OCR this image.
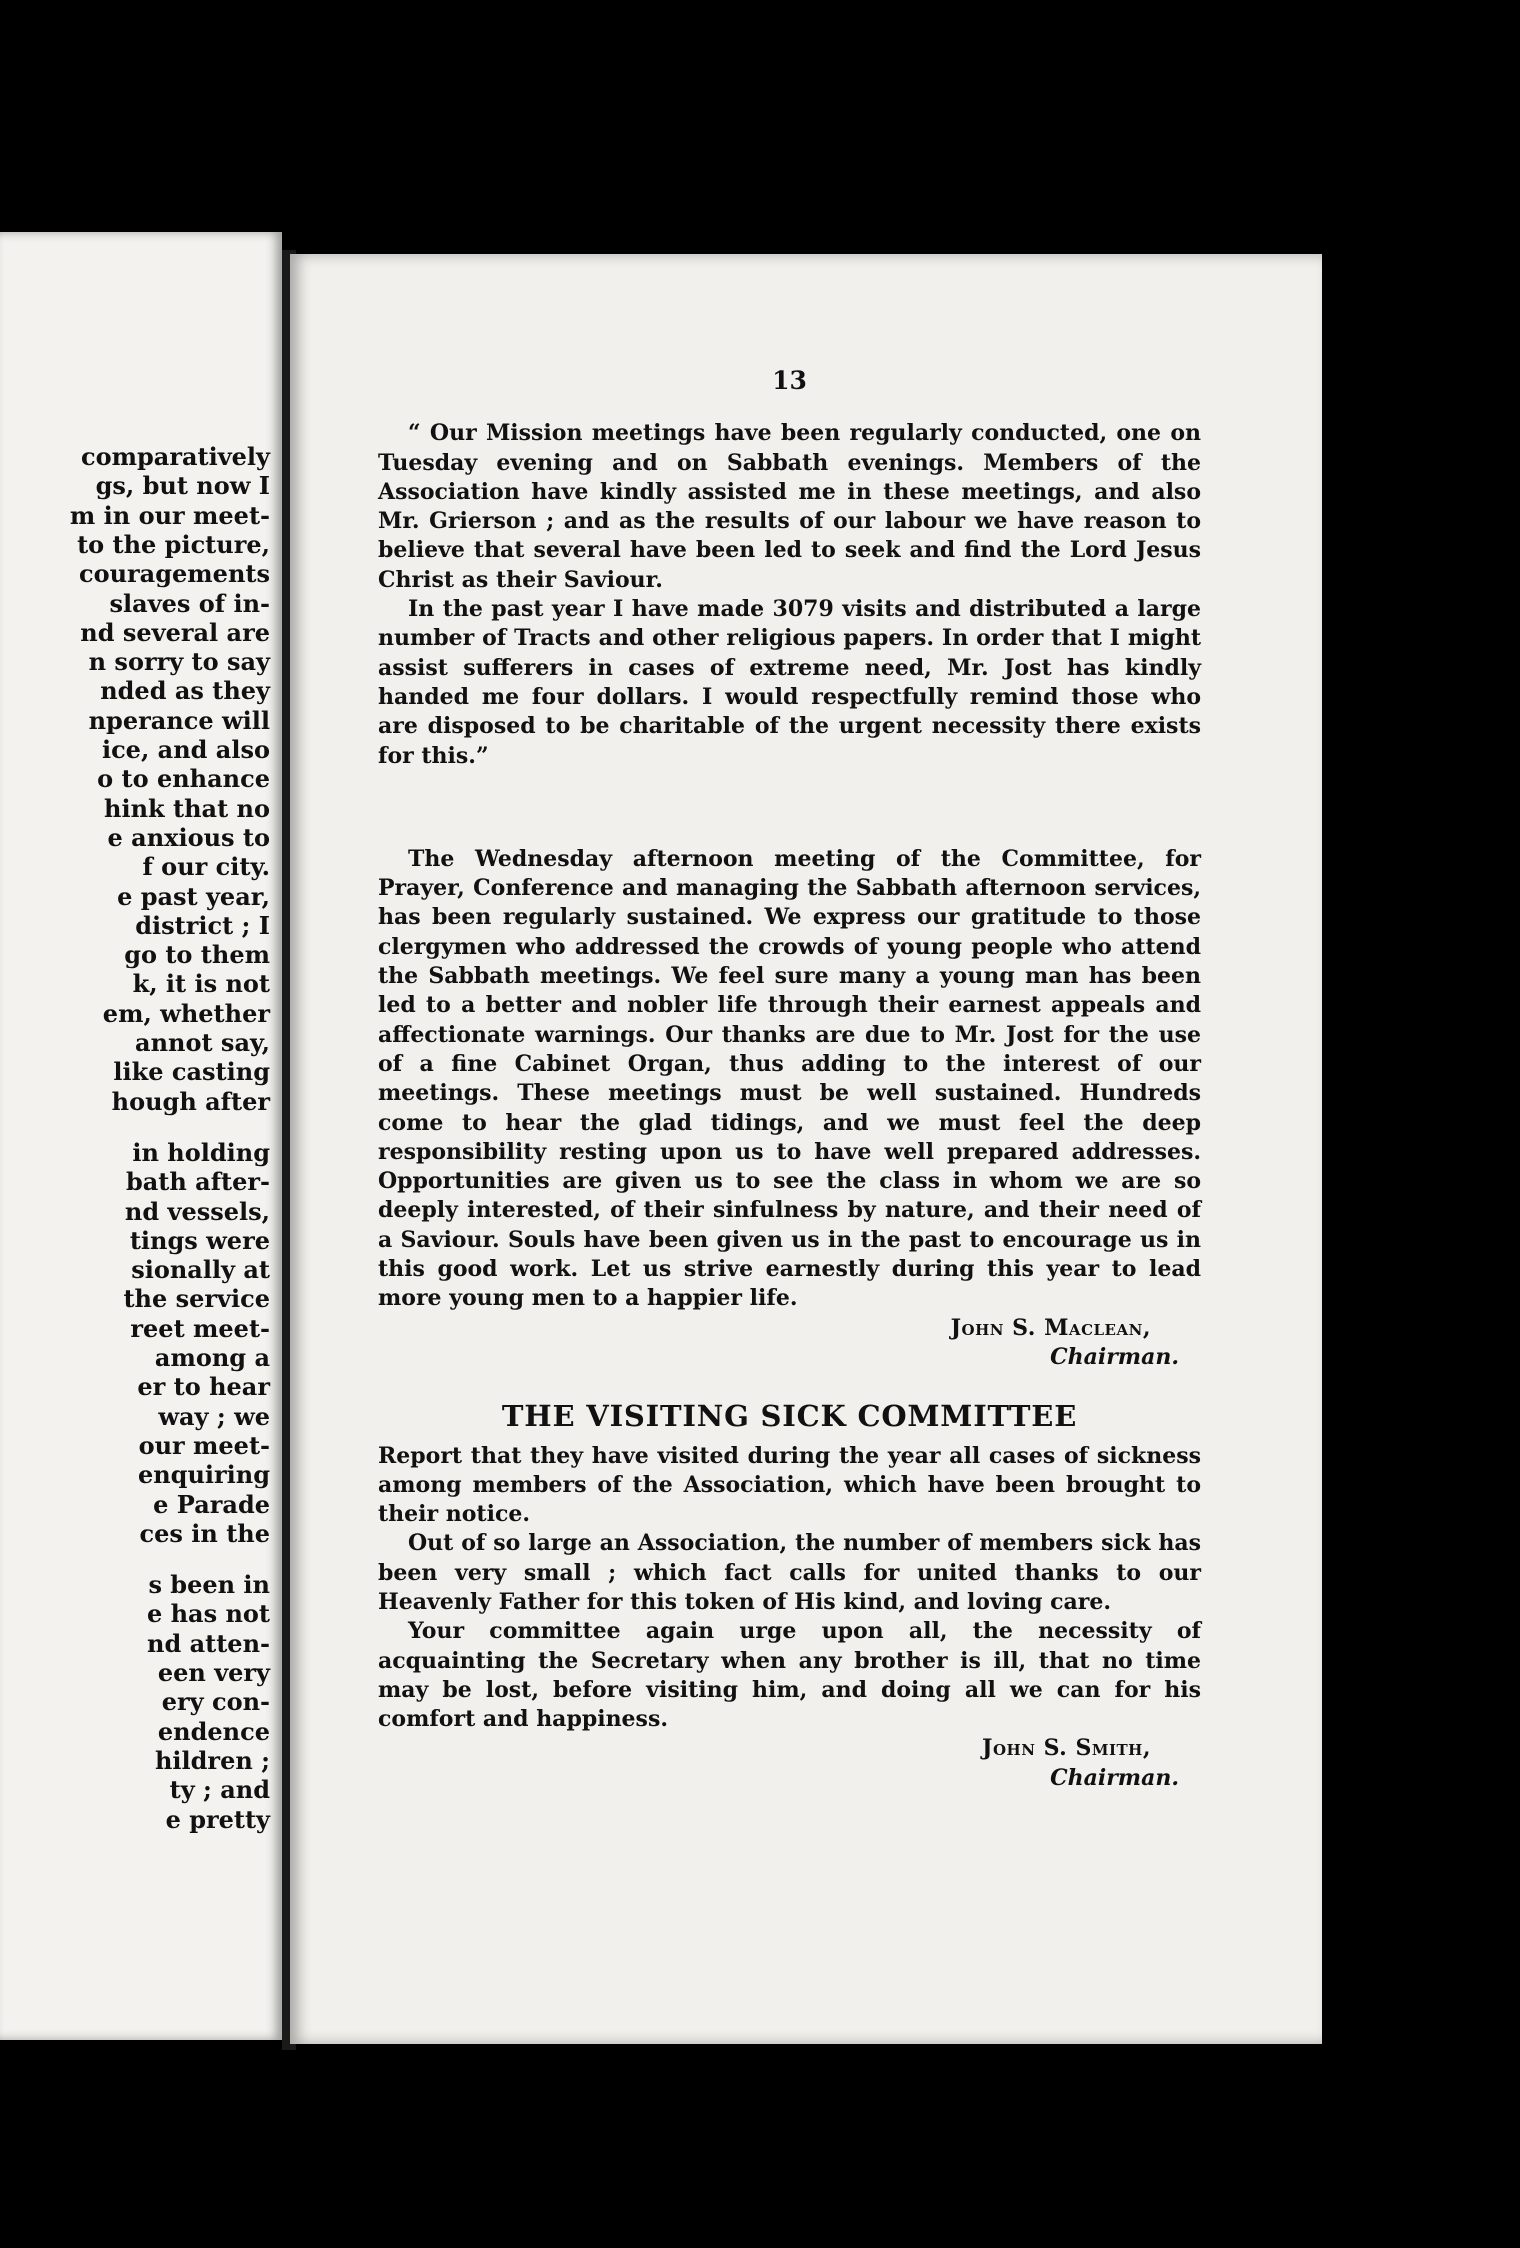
comparatively
gs, but now I
m in our meet-
to the picture,
couragements
slaves of in-
nd several are
n sorry to say
nded as they
nperance will
ice, and also
o to enhance
hink that no
e anxious to
f our city.
e past year,
district ; I
go to them
k, it is not
em, whether
annot say,
like casting
hough after
in holding
bath after-
nd vessels,
tings were
sionally at
the service
reet meet-
among a
er to hear
way ; we
our meet-
enquiring
e Parade
ces in the
s been in
e has not
nd atten-
een very
ery con-
endence
hildren ;
ty ; and
e pretty
13

“ Our Mission meetings have been regularly conducted, one on Tuesday evening and on Sabbath evenings. Members of the Association have kindly assisted me in these meetings, and also Mr. Grierson ; and as the results of our labour we have reason to believe that several have been led to seek and find the Lord Jesus Christ as their Saviour.

In the past year I have made 3079 visits and distributed a large number of Tracts and other religious papers. In order that I might assist sufferers in cases of extreme need, Mr. Jost has kindly handed me four dollars. I would respectfully remind those who are disposed to be charitable of the urgent necessity there exists for this.”

The Wednesday afternoon meeting of the Committee, for Prayer, Conference and managing the Sabbath afternoon services, has been regularly sustained. We express our gratitude to those clergymen who addressed the crowds of young people who attend the Sabbath meetings. We feel sure many a young man has been led to a better and nobler life through their earnest appeals and affectionate warnings. Our thanks are due to Mr. Jost for the use of a fine Cabinet Organ, thus adding to the interest of our meetings. These meetings must be well sustained. Hundreds come to hear the glad tidings, and we must feel the deep responsibility resting upon us to have well prepared addresses. Opportunities are given us to see the class in whom we are so deeply interested, of their sinfulness by nature, and their need of a Saviour. Souls have been given us in the past to encourage us in this good work. Let us strive earnestly during this year to lead more young men to a happier life.

John S. Maclean,
Chairman.
THE VISITING SICK COMMITTEE

Report that they have visited during the year all cases of sickness among members of the Association, which have been brought to their notice.

Out of so large an Association, the number of members sick has been very small ; which fact calls for united thanks to our Heavenly Father for this token of His kind, and loving care.

Your committee again urge upon all, the necessity of acquainting the Secretary when any brother is ill, that no time may be lost, before visiting him, and doing all we can for his comfort and happiness.

John S. Smith,
Chairman.
